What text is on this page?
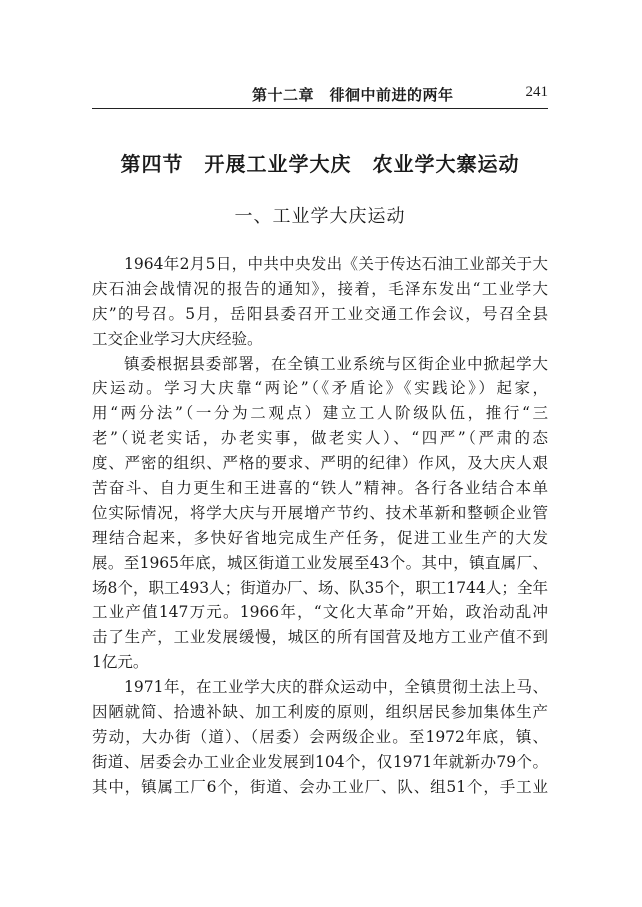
第十二章　徘徊中前进的两年	241
第四节　开展工业学大庆　农业学大寨运动
一、工业学大庆运动
1964年2月5日，中共中央发出《关于传达石油工业部关于大
庆石油会战情况的报告的通知》，接着，毛泽东发出“工业学大
庆”的号召。5月，岳阳县委召开工业交通工作会议，号召全县
工交企业学习大庆经验。
镇委根据县委部署，在全镇工业系统与区街企业中掀起学大
庆运动。学习大庆靠“两论”（《矛盾论》《实践论》）起家，
用“两分法”（一分为二观点）建立工人阶级队伍，推行“三
老”（说老实话，办老实事，做老实人）、“四严”（严肃的态
度、严密的组织、严格的要求、严明的纪律）作风，及大庆人艰
苦奋斗、自力更生和王进喜的“铁人”精神。各行各业结合本单
位实际情况，将学大庆与开展增产节约、技术革新和整顿企业管
理结合起来，多快好省地完成生产任务，促进工业生产的大发
展。至1965年底，城区街道工业发展至43个。其中，镇直属厂、
场8个，职工493人；街道办厂、场、队35个，职工1744人；全年
工业产值147万元。1966年，“文化大革命”开始，政治动乱冲
击了生产，工业发展缓慢，城区的所有国营及地方工业产值不到
1亿元。
1971年，在工业学大庆的群众运动中，全镇贯彻土法上马、
因陋就简、拾遗补缺、加工利废的原则，组织居民参加集体生产
劳动，大办街（道）、（居委）会两级企业。至1972年底，镇、
街道、居委会办工业企业发展到104个，仅1971年就新办79个。
其中，镇属工厂6个，街道、会办工业厂、队、组51个，手工业
